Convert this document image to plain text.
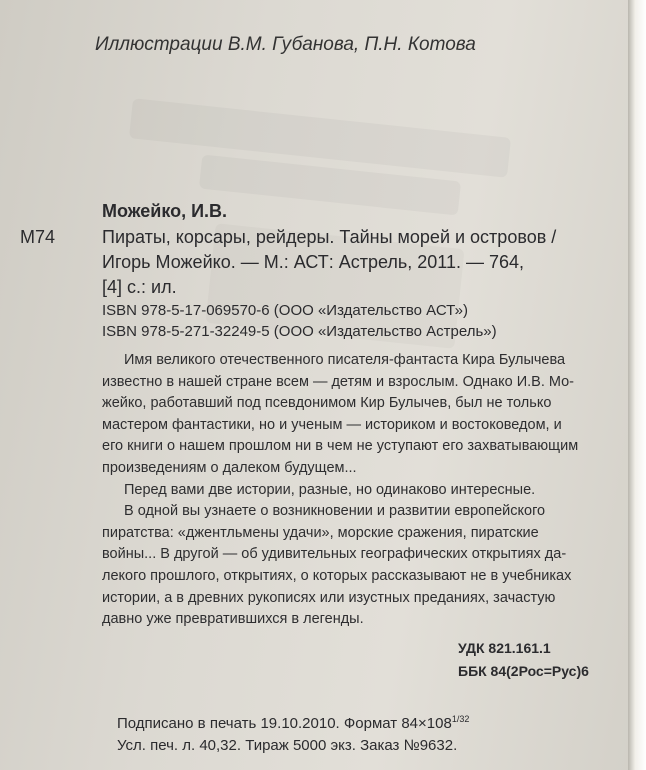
Иллюстрации В.М. Губанова, П.Н. Котова
Можейко, И.В.
М74	Пираты, корсары, рейдеры. Тайны морей и островов /
Игорь Можейко. — М.: АСТ: Астрель, 2011. — 764,
[4] с.: ил.
ISBN 978-5-17-069570-6 (ООО «Издательство АСТ»)
ISBN 978-5-271-32249-5 (ООО «Издательство Астрель»)
Имя великого отечественного писателя-фантаста Кира Булычева
известно в нашей стране всем — детям и взрослым. Однако И.В. Мо-
жейко, работавший под псевдонимом Кир Булычев, был не только
мастером фантастики, но и ученым — историком и востоковедом, и
его книги о нашем прошлом ни в чем не уступают его захватывающим
произведениям о далеком будущем...
Перед вами две истории, разные, но одинаково интересные.
В одной вы узнаете о возникновении и развитии европейского
пиратства: «джентльмены удачи», морские сражения, пиратские
войны... В другой — об удивительных географических открытиях да-
лекого прошлого, открытиях, о которых рассказывают не в учебниках
истории, а в древних рукописях или изустных преданиях, зачастую
давно уже превратившихся в легенды.
УДК 821.161.1
ББК 84(2Рос=Рус)6
Подписано в печать 19.10.2010. Формат $84\times 108^{1/32}$
Усл. печ. л. 40,32. Тираж 5000 экз. Заказ №9632.
